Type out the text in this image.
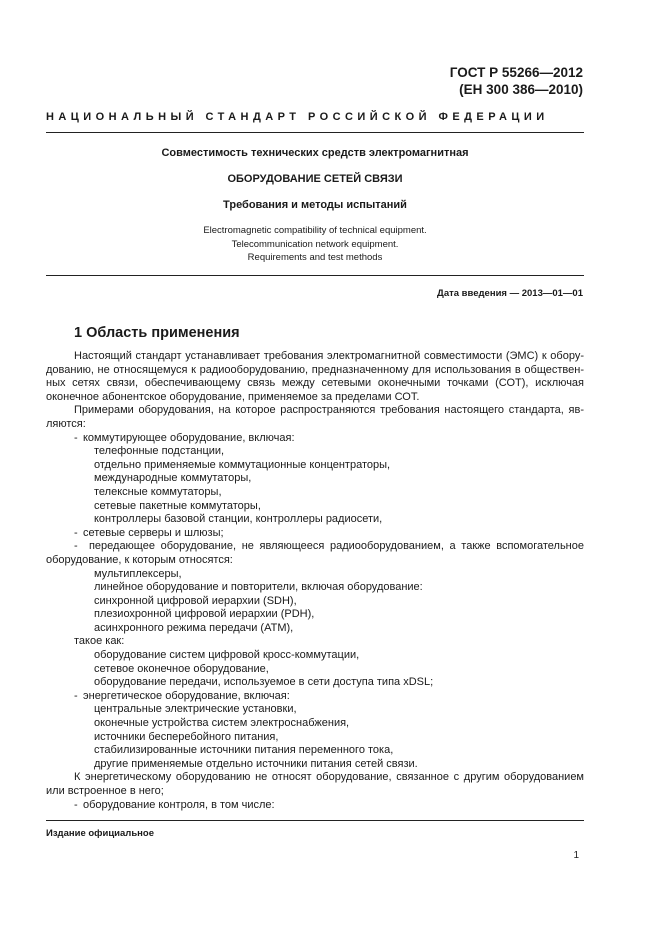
ГОСТ Р 55266—2012
(ЕН 300 386—2010)
НАЦИОНАЛЬНЫЙ СТАНДАРТ РОССИЙСКОЙ ФЕДЕРАЦИИ
Совместимость технических средств электромагнитная
ОБОРУДОВАНИЕ СЕТЕЙ СВЯЗИ
Требования и методы испытаний
Electromagnetic compatibility of technical equipment.
Telecommunication network equipment.
Requirements and test methods
Дата введения — 2013—01—01
1 Область применения

Настоящий стандарт устанавливает требования электромагнитной совместимости (ЭМС) к оборудованию, не относящемуся к радиооборудованию, предназначенному для использования в общественных сетях связи, обеспечивающему связь между сетевыми оконечными точками (СОТ), исключая оконечное абонентское оборудование, применяемое за пределами СОТ.

Примерами оборудования, на которое распространяются требования настоящего стандарта, являются:

- коммутирующее оборудование, включая:
телефонные подстанции,
отдельно применяемые коммутационные концентраторы,
международные коммутаторы,
телексные коммутаторы,
сетевые пакетные коммутаторы,
контроллеры базовой станции, контроллеры радиосети,
- сетевые серверы и шлюзы;

-  передающее оборудование, не являющееся радиооборудованием, а также вспомогательное оборудование, к которым относятся:

мультиплексеры,
линейное оборудование и повторители, включая оборудование:
синхронной цифровой иерархии (SDH),
плезиохронной цифровой иерархии (PDH),
асинхронного режима передачи (ATM),
такое как:
оборудование систем цифровой кросс-коммутации,
сетевое оконечное оборудование,
оборудование передачи, используемое в сети доступа типа xDSL;
- энергетическое оборудование, включая:
центральные электрические установки,
оконечные устройства систем электроснабжения,
источники бесперебойного питания,
стабилизированные источники питания переменного тока,
другие применяемые отдельно источники питания сетей связи.

К энергетическому оборудованию не относят оборудование, связанное с другим оборудованием или встроенное в него;

- оборудование контроля, в том числе:
Издание официальное
1
